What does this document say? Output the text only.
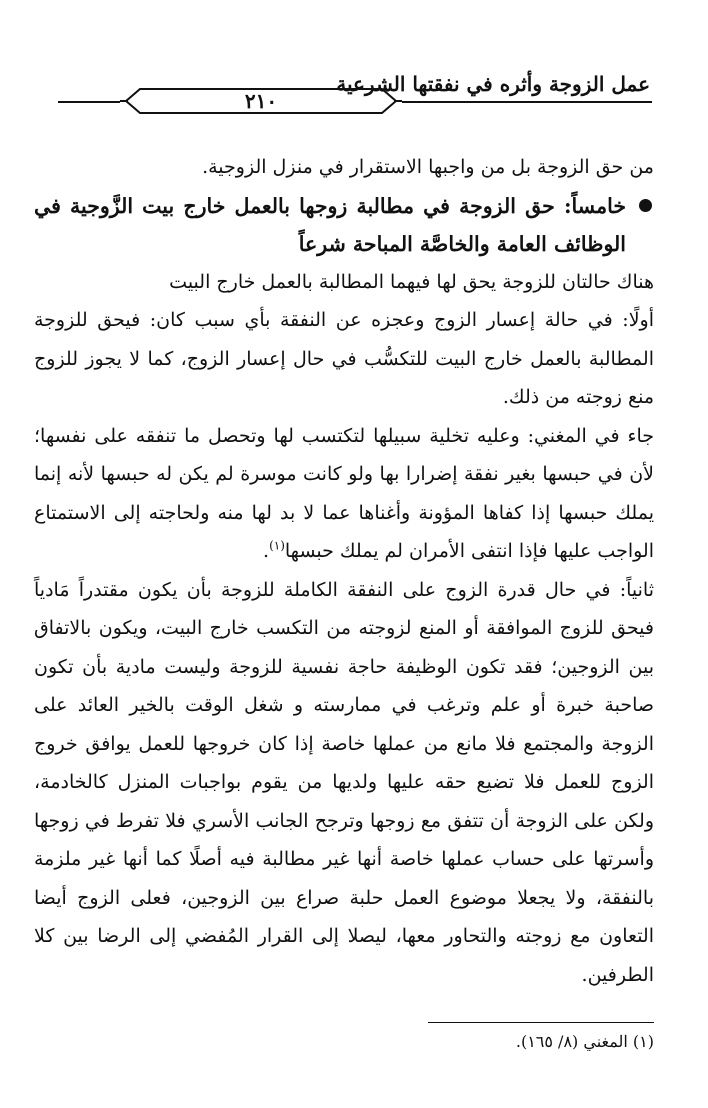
عمل الزوجة وأثره في نفقتها الشرعية
٢١٠

من حق الزوجة بل من واجبها الاستقرار في منزل الزوجية.

خامساً: حق الزوجة في مطالبة زوجها بالعمل خارج بيت الزَّوجية في الوظائف العامة والخاصَّة المباحة شرعاً

هناك حالتان للزوجة يحق لها فيهما المطالبة بالعمل خارج البيت

أولًا: في حالة إعسار الزوج وعجزه عن النفقة بأي سبب كان: فيحق للزوجة المطالبة بالعمل خارج البيت للتكسُّب في حال إعسار الزوج، كما لا يجوز للزوج منع زوجته من ذلك.

جاء في المغني: وعليه تخلية سبيلها لتكتسب لها وتحصل ما تنفقه على نفسها؛ لأن في حبسها بغير نفقة إضرارا بها ولو كانت موسرة لم يكن له حبسها لأنه إنما يملك حبسها إذا كفاها المؤونة وأغناها عما لا بد لها منه ولحاجته إلى الاستمتاع الواجب عليها فإذا انتفى الأمران لم يملك حبسها$^{(١)}$.

ثانياً: في حال قدرة الزوج على النفقة الكاملة للزوجة بأن يكون مقتدراً مَادياً فيحق للزوج الموافقة أو المنع لزوجته من التكسب خارج البيت، ويكون بالاتفاق بين الزوجين؛ فقد تكون الوظيفة حاجة نفسية للزوجة وليست مادية بأن تكون صاحبة خبرة أو علم وترغب في ممارسته و شغل الوقت بالخير العائد على الزوجة والمجتمع فلا مانع من عملها خاصة إذا كان خروجها للعمل يوافق خروج الزوج للعمل فلا تضيع حقه عليها ولديها من يقوم بواجبات المنزل كالخادمة، ولكن على الزوجة أن تتفق مع زوجها وترجح الجانب الأسري فلا تفرط في زوجها وأسرتها على حساب عملها خاصة أنها غير مطالبة فيه أصلًا كما أنها غير ملزمة بالنفقة، ولا يجعلا موضوع العمل حلبة صراع بين الزوجين، فعلى الزوج أيضا التعاون مع زوجته والتحاور معها، ليصلا إلى القرار المُفضي إلى الرضا بين كلا الطرفين.

(١) المغني (٨/ ١٦٥).
